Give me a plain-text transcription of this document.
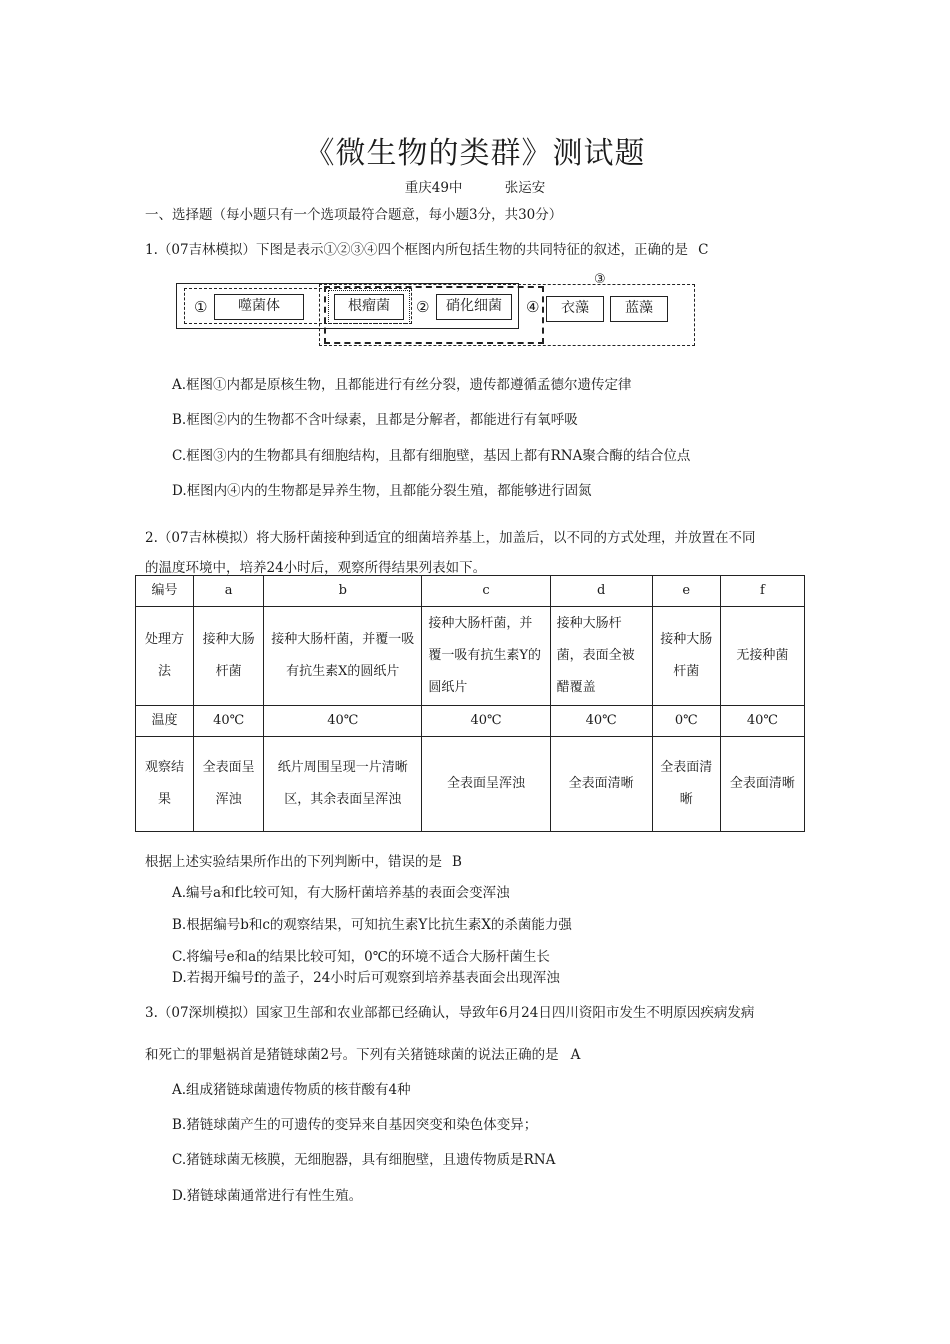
《微生物的类群》测试题
重庆49中	张运安
一、选择题（每小题只有一个选项最符合题意，每小题3分，共30分）
1.（07吉林模拟）下图是表示①②③④四个框图内所包括生物的共同特征的叙述，正确的是 C
①	噬菌体	根瘤菌	②	硝化细菌	④
③
衣藻	蓝藻
A.框图①内都是原核生物，且都能进行有丝分裂，遗传都遵循孟德尔遗传定律
B.框图②内的生物都不含叶绿素，且都是分解者，都能进行有氧呼吸
C.框图③内的生物都具有细胞结构，且都有细胞壁，基因上都有RNA聚合酶的结合位点
D.框图内④内的生物都是异养生物，且都能分裂生殖，都能够进行固氮
2.（07吉林模拟）将大肠杆菌接种到适宜的细菌培养基上，加盖后，以不同的方式处理，并放置在不同
的温度环境中，培养24小时后，观察所得结果列表如下。
编号	a	b	c	d	e	f
处理方法	接种大肠杆菌	接种大肠杆菌，并覆一吸有抗生素X的圆纸片	接种大肠杆菌，并覆一吸有抗生素Y的圆纸片	接种大肠杆菌，表面全被醋覆盖	接种大肠杆菌	无接种菌
温度	40℃	40℃	40℃	40℃	0℃	40℃
观察结果	全表面呈浑浊	纸片周围呈现一片清晰区，其余表面呈浑浊	全表面呈浑浊	全表面清晰	全表面清晰	全表面清晰
根据上述实验结果所作出的下列判断中，错误的是 B
A.编号a和f比较可知，有大肠杆菌培养基的表面会变浑浊
B.根据编号b和c的观察结果，可知抗生素Y比抗生素X的杀菌能力强
C.将编号e和a的结果比较可知，0℃的环境不适合大肠杆菌生长
D.若揭开编号f的盖子，24小时后可观察到培养基表面会出现浑浊
3.（07深圳模拟）国家卫生部和农业部都已经确认，导致年6月24日四川资阳市发生不明原因疾病发病
和死亡的罪魁祸首是猪链球菌2号。下列有关猪链球菌的说法正确的是 A
A.组成猪链球菌遗传物质的核苷酸有4种
B.猪链球菌产生的可遗传的变异来自基因突变和染色体变异；
C.猪链球菌无核膜，无细胞器，具有细胞壁，且遗传物质是RNA
D.猪链球菌通常进行有性生殖。
